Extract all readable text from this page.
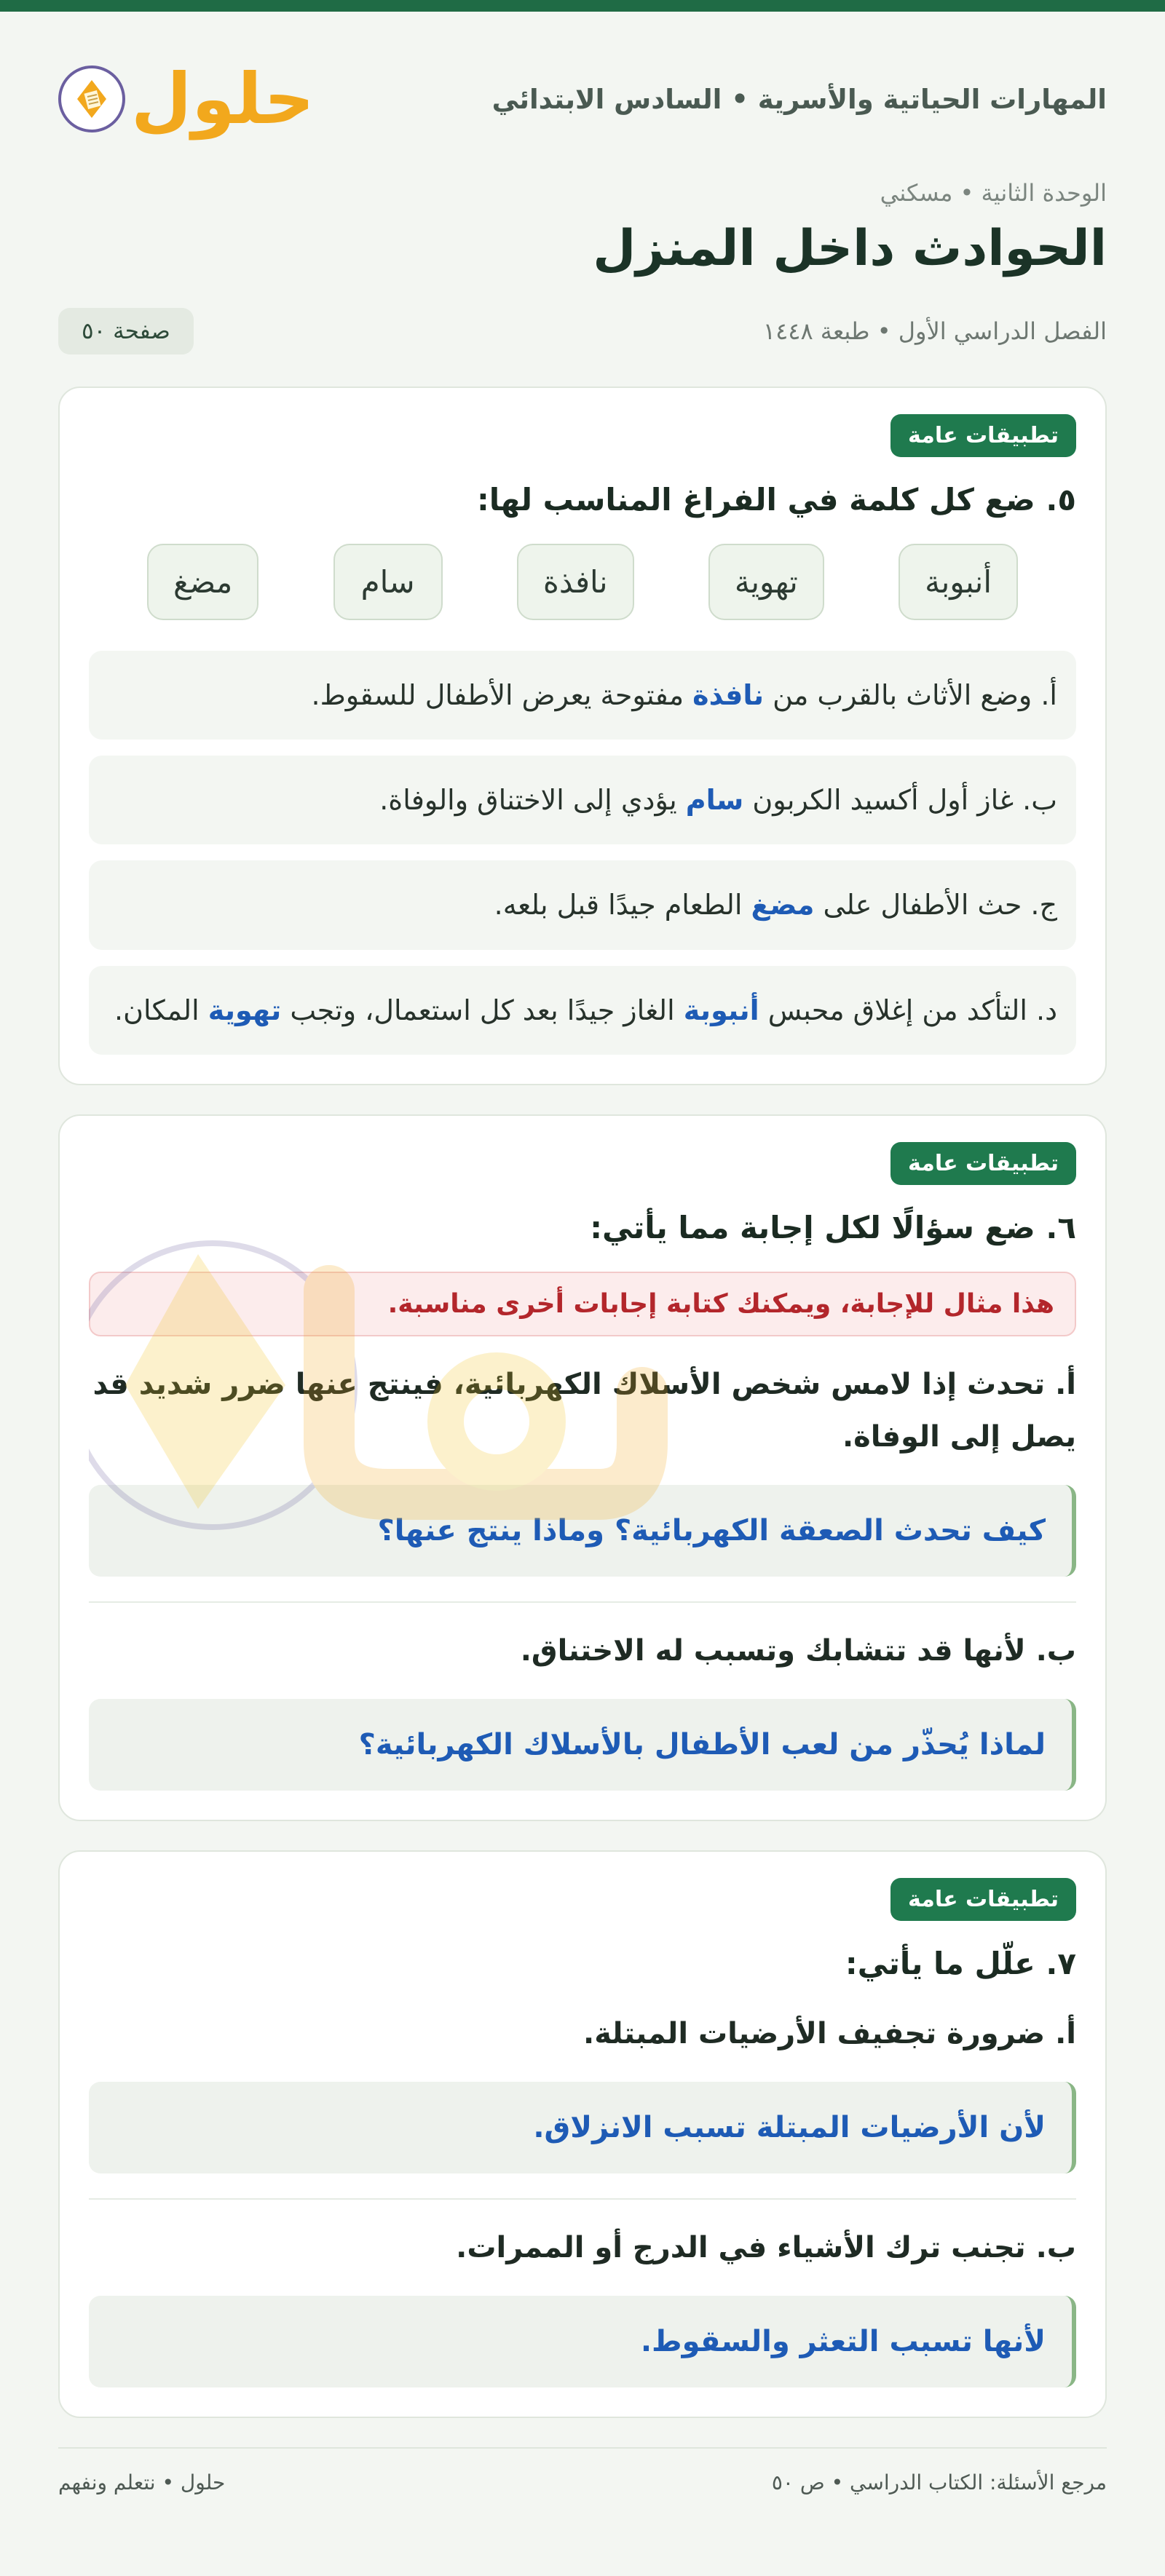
المهارات الحياتية والأسرية • السادس الابتدائي
حلول
الوحدة الثانية • مسكني
الحوادث داخل المنزل
الفصل الدراسي الأول • طبعة ١٤٤٨
صفحة ٥٠
تطبيقات عامة
٥. ضع كل كلمة في الفراغ المناسب لها:
أنبوبة
تهوية
نافذة
سام
مضغ
أ. وضع الأثاث بالقرب من نافذة مفتوحة يعرض الأطفال للسقوط.
ب. غاز أول أكسيد الكربون سام يؤدي إلى الاختناق والوفاة.
ج. حث الأطفال على مضغ الطعام جيدًا قبل بلعه.
د. التأكد من إغلاق محبس أنبوبة الغاز جيدًا بعد كل استعمال، وتجب تهوية المكان.
تطبيقات عامة
٦. ضع سؤالًا لكل إجابة مما يأتي:
هذا مثال للإجابة، ويمكنك كتابة إجابات أخرى مناسبة.
أ. تحدث إذا لامس شخص الأسلاك الكهربائية، فينتج عنها ضرر شديد قد يصل إلى الوفاة.
كيف تحدث الصعقة الكهربائية؟ وماذا ينتج عنها؟
ب. لأنها قد تتشابك وتسبب له الاختناق.
لماذا يُحذّر من لعب الأطفال بالأسلاك الكهربائية؟
تطبيقات عامة
٧. علّل ما يأتي:
أ. ضرورة تجفيف الأرضيات المبتلة.
لأن الأرضيات المبتلة تسبب الانزلاق.
ب. تجنب ترك الأشياء في الدرج أو الممرات.
لأنها تسبب التعثر والسقوط.
مرجع الأسئلة: الكتاب الدراسي • ص ٥٠
حلول • نتعلم ونفهم
